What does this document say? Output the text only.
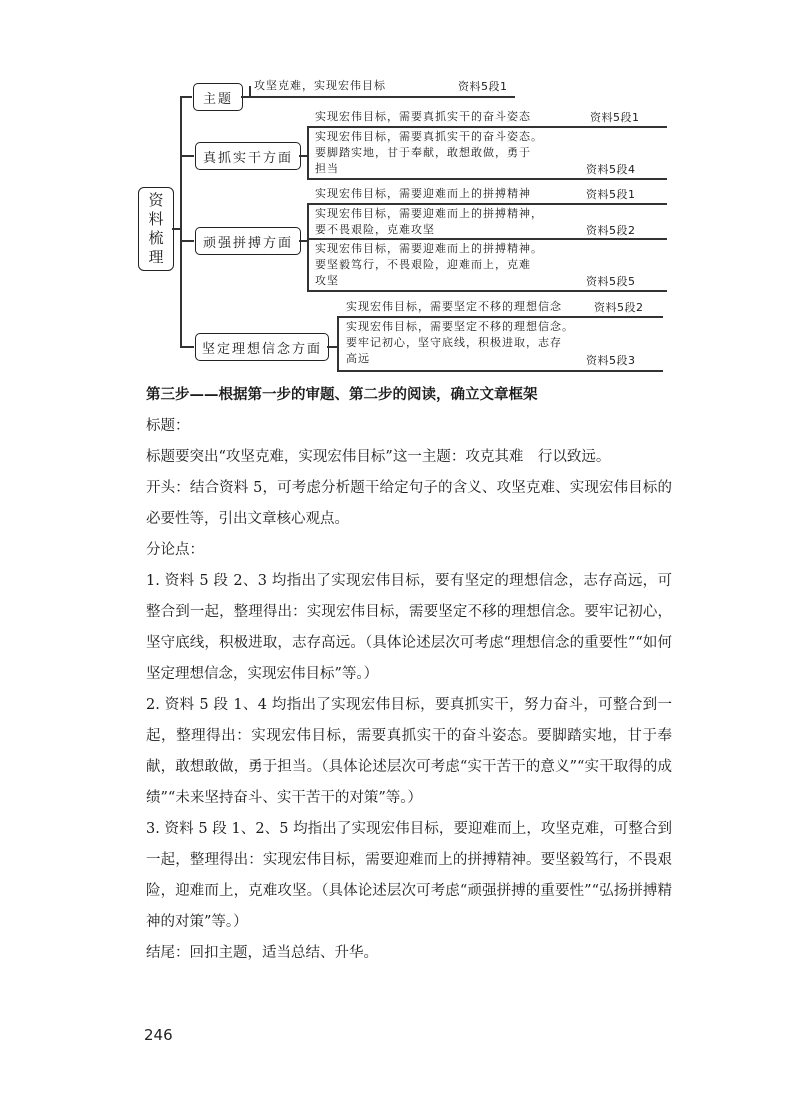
资
料
梳
理
主题
攻坚克难，实现宏伟目标	资料5段1
真抓实干方面

实现宏伟目标，需要真抓实干的奋斗姿态	资料5段1

实现宏伟目标，需要真抓实干的奋斗姿态。

要脚踏实地，甘于奉献，敢想敢做，勇于

担当	资料5段4
顽强拼搏方面

实现宏伟目标，需要迎难而上的拼搏精神	资料5段1

实现宏伟目标，需要迎难而上的拼搏精神，

要不畏艰险，克难攻坚	资料5段2

实现宏伟目标，需要迎难而上的拼搏精神。

要坚毅笃行，不畏艰险，迎难而上，克难

攻坚	资料5段5
坚定理想信念方面

实现宏伟目标，需要坚定不移的理想信念	资料5段2

实现宏伟目标，需要坚定不移的理想信念。

要牢记初心，坚守底线，积极进取，志存

高远	资料5段3

第三步——根据第一步的审题、第二步的阅读，确立文章框架

标题：

标题要突出“攻坚克难，实现宏伟目标”这一主题：攻克其难　行以致远。

开头：结合资料 5，可考虑分析题干给定句子的含义、攻坚克难、实现宏伟目标的必要性等，引出文章核心观点。

分论点：

1. 资料 5 段 2、3 均指出了实现宏伟目标，要有坚定的理想信念，志存高远，可整合到一起，整理得出：实现宏伟目标，需要坚定不移的理想信念。要牢记初心，坚守底线，积极进取，志存高远。（具体论述层次可考虑“理想信念的重要性”“如何坚定理想信念，实现宏伟目标”等。）

2. 资料 5 段 1、4 均指出了实现宏伟目标，要真抓实干，努力奋斗，可整合到一起，整理得出：实现宏伟目标，需要真抓实干的奋斗姿态。要脚踏实地，甘于奉献，敢想敢做，勇于担当。（具体论述层次可考虑“实干苦干的意义”“实干取得的成绩”“未来坚持奋斗、实干苦干的对策”等。）

3. 资料 5 段 1、2、5 均指出了实现宏伟目标，要迎难而上，攻坚克难，可整合到一起，整理得出：实现宏伟目标，需要迎难而上的拼搏精神。要坚毅笃行，不畏艰险，迎难而上，克难攻坚。（具体论述层次可考虑“顽强拼搏的重要性”“弘扬拼搏精神的对策”等。）

结尾：回扣主题，适当总结、升华。

246
